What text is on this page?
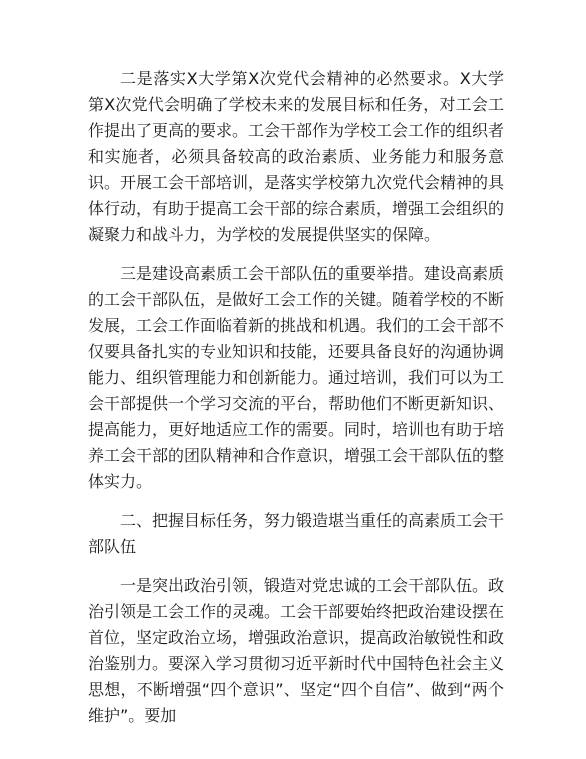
二是落实X大学第X次党代会精神的必然要求。X大学第X次党代会明确了学校未来的发展目标和任务，对工会工作提出了更高的要求。工会干部作为学校工会工作的组织者和实施者，必须具备较高的政治素质、业务能力和服务意识。开展工会干部培训，是落实学校第九次党代会精神的具体行动，有助于提高工会干部的综合素质，增强工会组织的凝聚力和战斗力，为学校的发展提供坚实的保障。

三是建设高素质工会干部队伍的重要举措。建设高素质的工会干部队伍，是做好工会工作的关键。随着学校的不断发展，工会工作面临着新的挑战和机遇。我们的工会干部不仅要具备扎实的专业知识和技能，还要具备良好的沟通协调能力、组织管理能力和创新能力。通过培训，我们可以为工会干部提供一个学习交流的平台，帮助他们不断更新知识、提高能力，更好地适应工作的需要。同时，培训也有助于培养工会干部的团队精神和合作意识，增强工会干部队伍的整体实力。

二、把握目标任务，努力锻造堪当重任的高素质工会干部队伍

一是突出政治引领，锻造对党忠诚的工会干部队伍。政治引领是工会工作的灵魂。工会干部要始终把政治建设摆在首位，坚定政治立场，增强政治意识，提高政治敏锐性和政治鉴别力。要深入学习贯彻习近平新时代中国特色社会主义思想，不断增强“四个意识”、坚定“四个自信”、做到“两个维护”。要加
